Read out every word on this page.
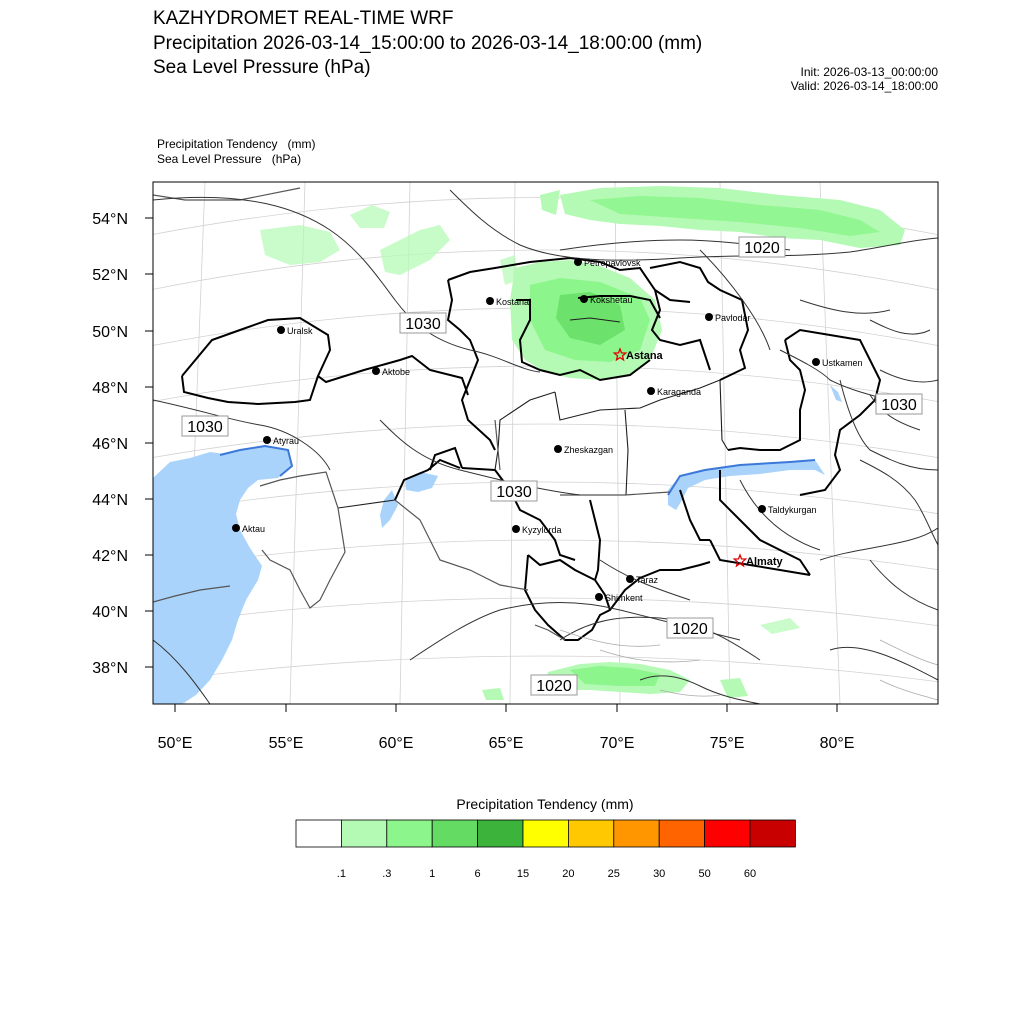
KAZHYDROMET REAL-TIME WRF
Precipitation 2026-03-14_15:00:00 to 2026-03-14_18:00:00 (mm)
Sea Level Pressure (hPa)	Init: 2026-03-13_00:00:00
Valid: 2026-03-14_18:00:00
Precipitation Tendency   (mm)
Sea Level Pressure   (hPa)
54°N
52°N
50°N
48°N
46°N
44°N
42°N
40°N
38°N
50°E	55°E	60°E	65°E	70°E	75°E	80°E
Petropavlovsk
Kostanai	Kokshetau
Pavlodar
Uralsk
Astana
Aktobe
Ustkamen
Karaganda
Atyrau
Zheskazgan
Aktau	Kyzylorda
Taldykurgan
Almaty
Taraz
Shimkent
1020
1030
1030
1030
1030
1020
1020
Precipitation Tendency (mm)
.1	.3	1	6	15	20	25	30	50	60
